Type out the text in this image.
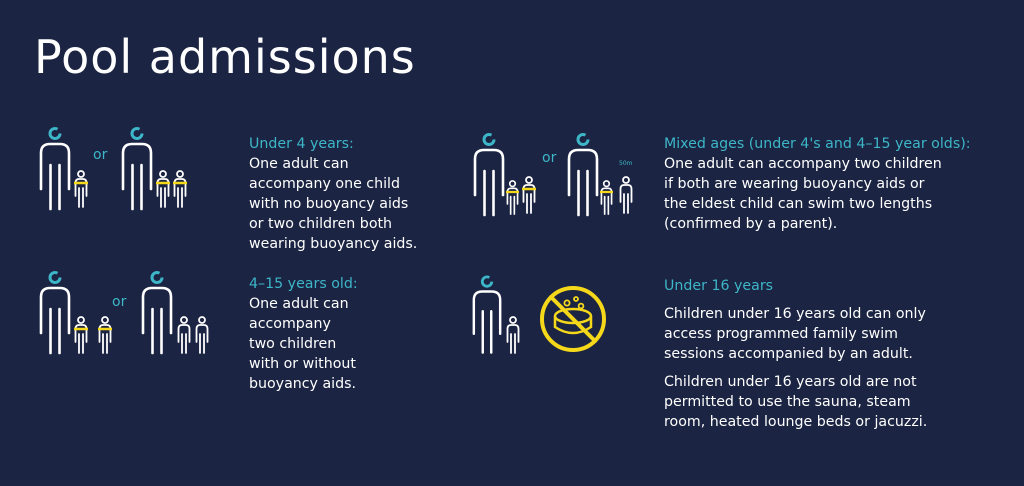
Pool admissions
or
Under 4 years:
One adult can
accompany one child
with no buoyancy aids
or two children both
wearing buoyancy aids.
or
4–15 years old:
One adult can
accompany
two children
with or without
buoyancy aids.
or	50m
Mixed ages (under 4's and 4–15 year olds):
One adult can accompany two children
if both are wearing buoyancy aids or
the eldest child can swim two lengths
(confirmed by a parent).
Under 16 years
Children under 16 years old can only
access programmed family swim
sessions accompanied by an adult.
Children under 16 years old are not
permitted to use the sauna, steam
room, heated lounge beds or jacuzzi.
